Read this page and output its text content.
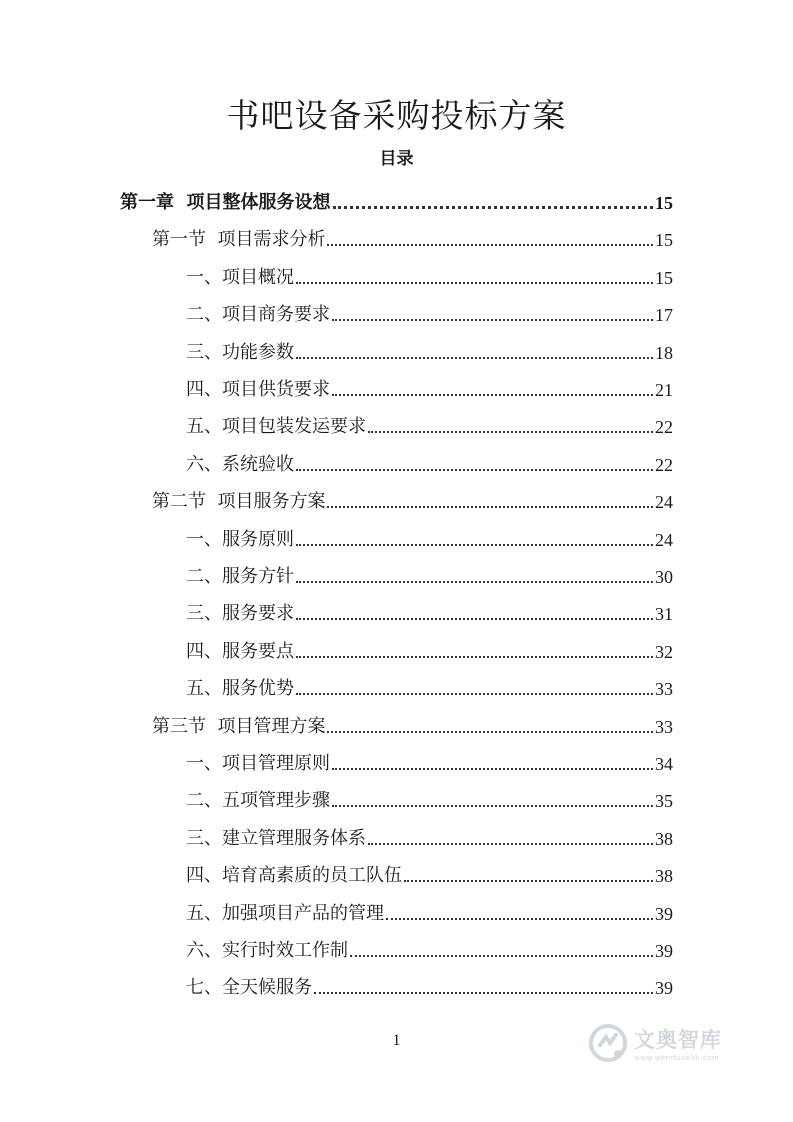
书吧设备采购投标方案
目录
第一章  项目整体服务设想	15
第一节  项目需求分析	15
一、项目概况	15
二、项目商务要求	17
三、功能参数	18
四、项目供货要求	21
五、项目包装发运要求	22
六、系统验收	22
第二节  项目服务方案	24
一、服务原则	24
二、服务方针	30
三、服务要求	31
四、服务要点	32
五、服务优势	33
第三节  项目管理方案	33
一、项目管理原则	34
二、五项管理步骤	35
三、建立管理服务体系	38
四、培育高素质的员工队伍	38
五、加强项目产品的管理	39
六、实行时效工作制	39
七、全天候服务	39
1	文奥智库
www.wenduoalib.com
